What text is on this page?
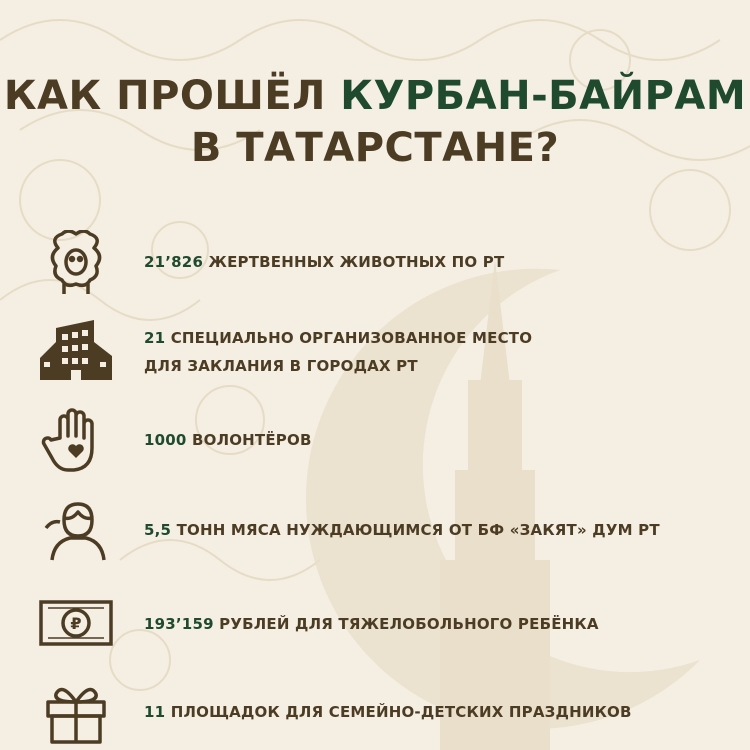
КАК ПРОШЁЛ КУРБАН-БАЙРАМ
В ТАТАРСТАНЕ?
21’826 ЖЕРТВЕННЫХ ЖИВОТНЫХ ПО РТ
21 СПЕЦИАЛЬНО ОРГАНИЗОВАННОЕ МЕСТО
ДЛЯ ЗАКЛАНИЯ В ГОРОДАХ РТ
1000 ВОЛОНТЁРОВ
5,5 ТОНН МЯСА НУЖДАЮЩИМСЯ ОТ БФ «ЗАКЯТ» ДУМ РТ
₽	193’159 РУБЛЕЙ ДЛЯ ТЯЖЕЛОБОЛЬНОГО РЕБЁНКА
11 ПЛОЩАДОК ДЛЯ СЕМЕЙНО-ДЕТСКИХ ПРАЗДНИКОВ
